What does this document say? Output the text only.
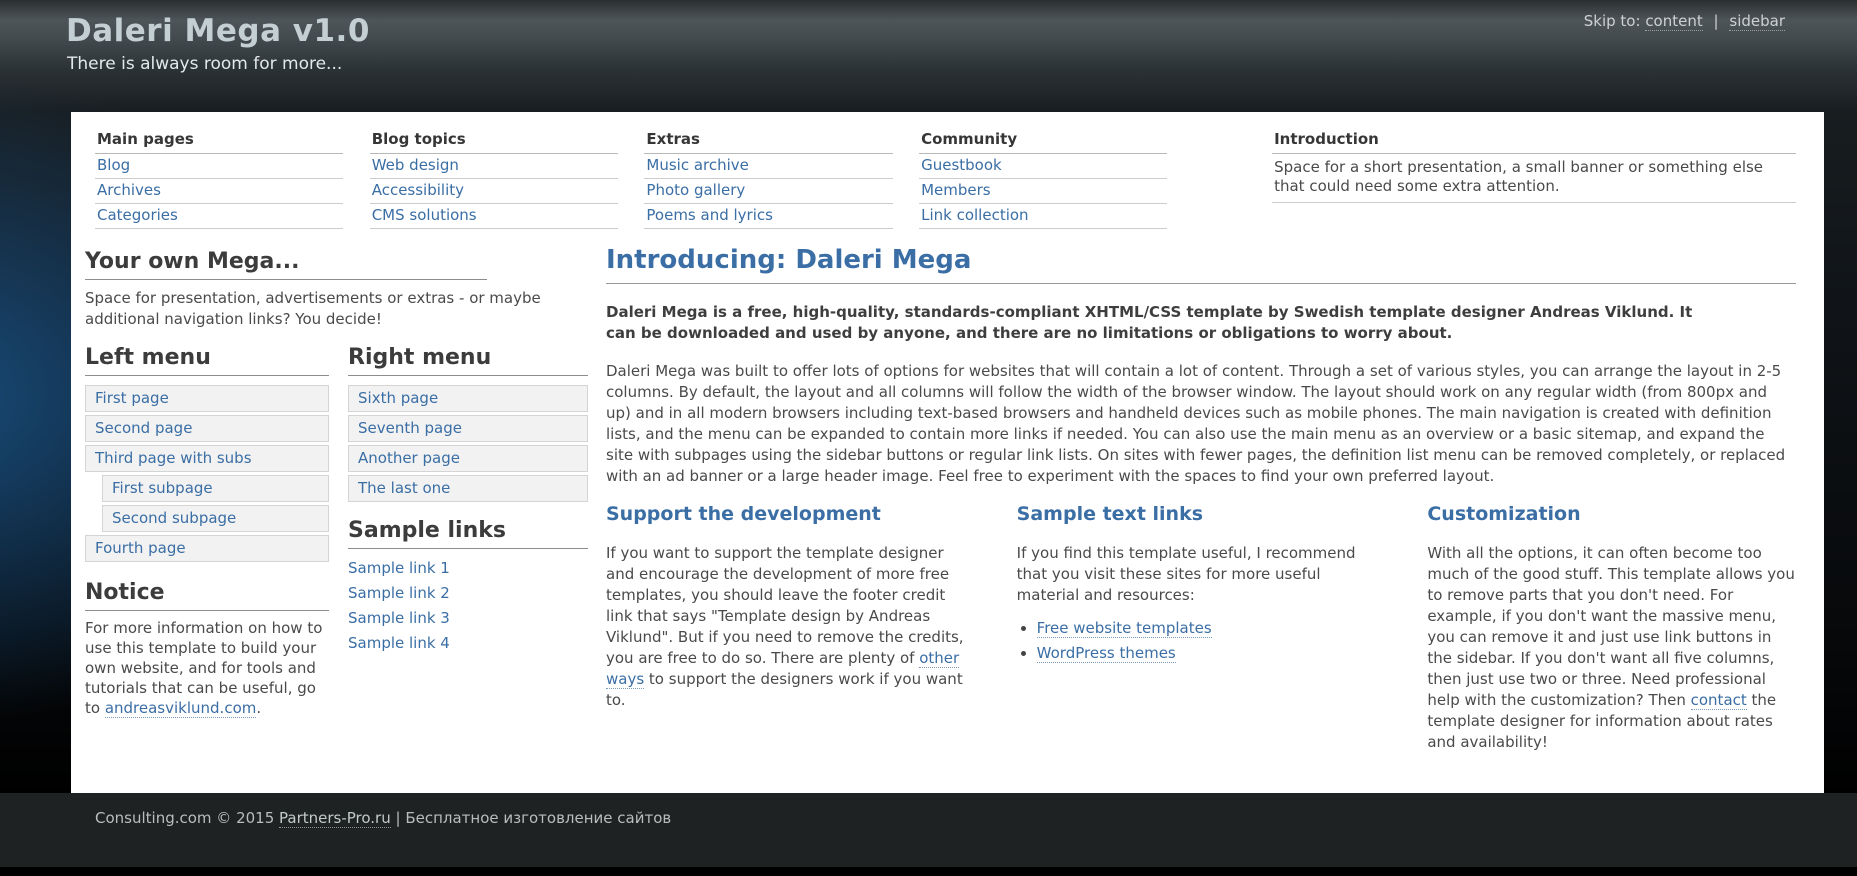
Skip to: content | sidebar
Daleri Mega v1.0

There is always room for more...

Main pages
Blog
Archives
Categories
Blog topics
Web design
Accessibility
CMS solutions
Extras
Music archive
Photo gallery
Poems and lyrics
Community
Guestbook
Members
Link collection
Introduction

Space for a short presentation, a small banner or something else that could need some extra attention.

Your own Mega...

Space for presentation, advertisements or extras - or maybe additional navigation links? You decide!

Left menu
First page
Second page
Third page with subs
First subpage
Second subpage
Fourth page
Notice

For more information on how to use this template to build your own website, and for tools and tutorials that can be useful, go to andreasviklund.com.

Right menu
Sixth page
Seventh page
Another page
The last one
Sample links
Sample link 1
Sample link 2
Sample link 3
Sample link 4
Introducing: Daleri Mega

Daleri Mega is a free, high-quality, standards-compliant XHTML/CSS template by Swedish template designer Andreas Viklund. It can be downloaded and used by anyone, and there are no limitations or obligations to worry about.

Daleri Mega was built to offer lots of options for websites that will contain a lot of content. Through a set of various styles, you can arrange the layout in 2-5 columns. By default, the layout and all columns will follow the width of the browser window. The layout should work on any regular width (from 800px and up) and in all modern browsers including text-based browsers and handheld devices such as mobile phones. The main navigation is created with definition lists, and the menu can be expanded to contain more links if needed. You can also use the main menu as an overview or a basic sitemap, and expand the site with subpages using the sidebar buttons or regular link lists. On sites with fewer pages, the definition list menu can be removed completely, or replaced with an ad banner or a large header image. Feel free to experiment with the spaces to find your own preferred layout.

Support the development

If you want to support the template designer and encourage the development of more free templates, you should leave the footer credit link that says "Template design by Andreas Viklund". But if you need to remove the credits, you are free to do so. There are plenty of other ways to support the designers work if you want to.

Sample text links

If you find this template useful, I recommend that you visit these sites for more useful material and resources:

• Free website templates
• WordPress themes
Customization

With all the options, it can often become too much of the good stuff. This template allows you to remove parts that you don't need. For example, if you don't want the massive menu, you can remove it and just use link buttons in the sidebar. If you don't want all five columns, then just use two or three. Need professional help with the customization? Then contact the template designer for information about rates and availability!

Consulting.com © 2015 Partners-Pro.ru | Бесплатное изготовление сайтов
